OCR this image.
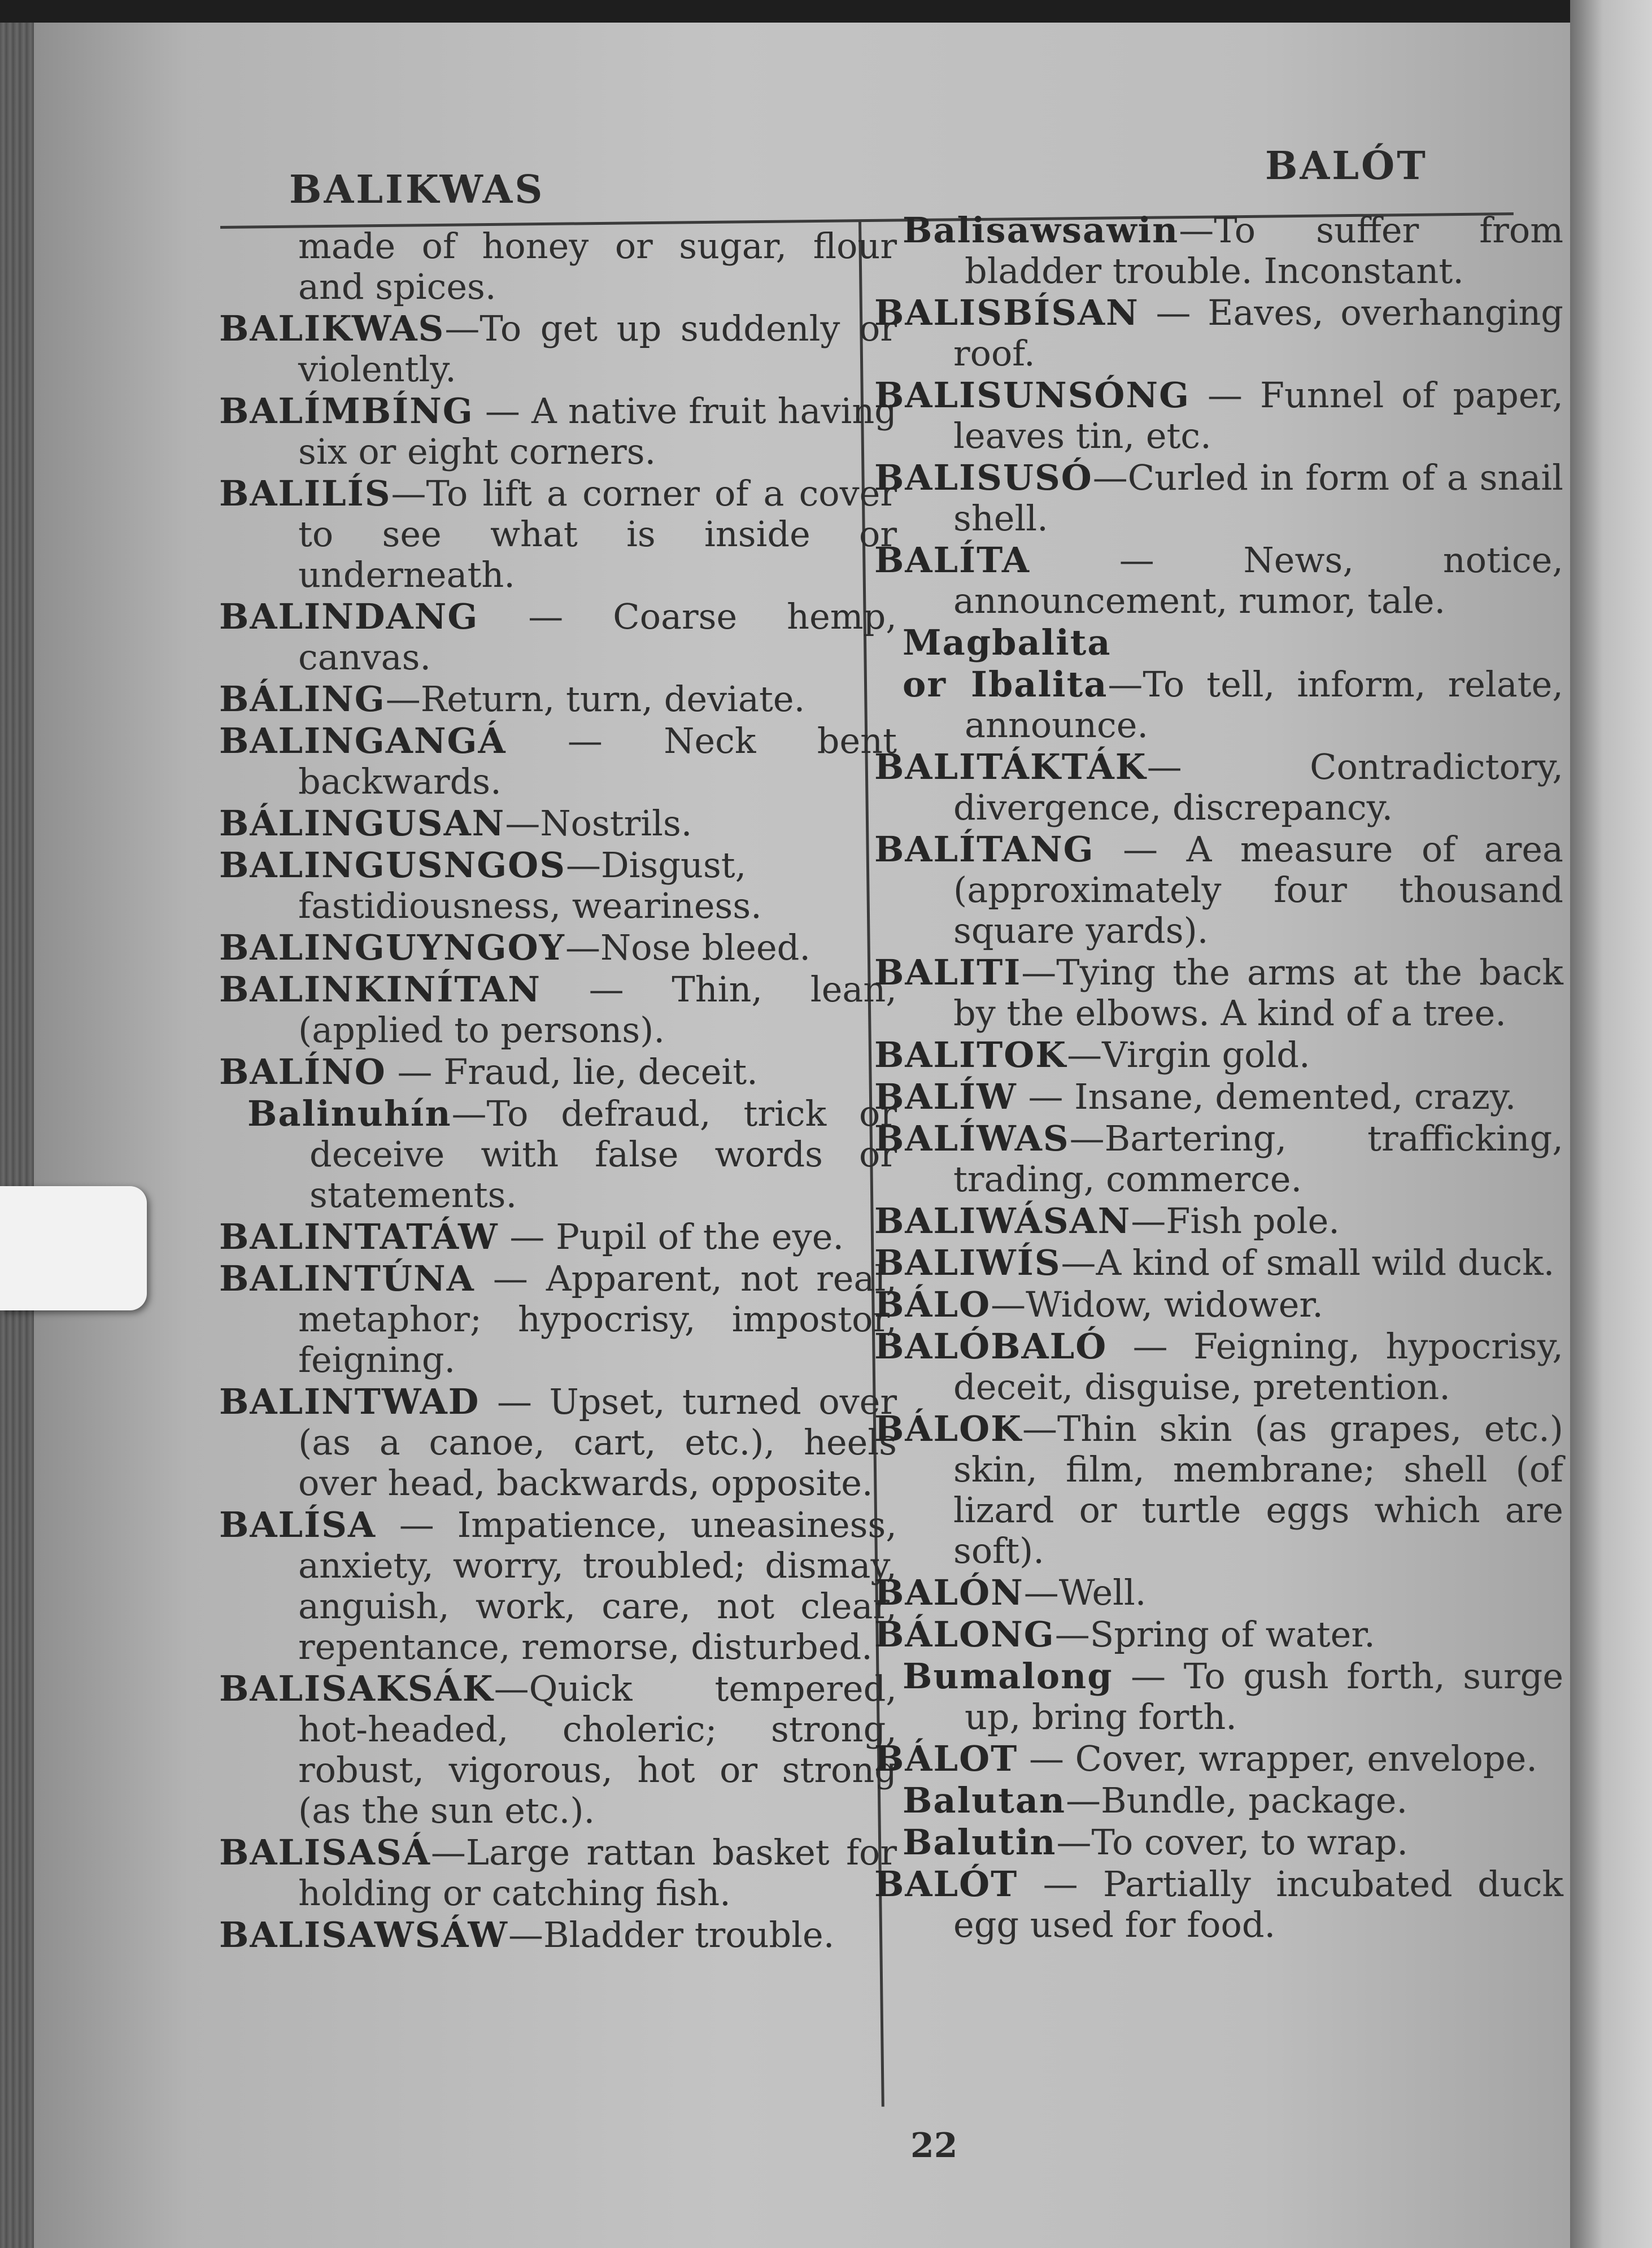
BALIKWAS
BALÓT

made of honey or sugar, flour and spices.

BALIKWAS—To get up suddenly or violently.

BALÍMBÍNG — A native fruit having six or eight corners.

BALILÍS—To lift a corner of a cover to see what is inside or underneath.

BALINDANG — Coarse hemp, canvas.

BÁLING—Return, turn, deviate.

BALINGANGÁ — Neck bent backwards.

BÁLINGUSAN—Nostrils.

BALINGUSNGOS—Disgust, fastidiousness, weariness.

BALINGUYNGOY—Nose bleed.

BALINKINÍTAN — Thin, lean, (applied to persons).

BALÍNO — Fraud, lie, deceit.

Balinuhín—To defraud, trick or deceive with false words or statements.

BALINTATÁW — Pupil of the eye.

BALINTÚNA — Apparent, not real, metaphor; hypocrisy, impostor, feigning.

BALINTWAD — Upset, turned over (as a canoe, cart, etc.), heels over head, backwards, opposite.

BALÍSA — Impatience, uneasiness, anxiety, worry, troubled; dismay, anguish, work, care, not clear, repentance, remorse, disturbed.

BALISAKSÁK—Quick tempered, hot-headed, choleric; strong, robust, vigorous, hot or strong (as the sun etc.).

BALISASÁ—Large rattan basket for holding or catching fish.

BALISAWSÁW—Bladder trouble.

Balisawsawin—To suffer from bladder trouble. Inconstant.

BALISBÍSAN — Eaves, overhanging roof.

BALISUNSÓNG — Funnel of paper, leaves tin, etc.

BALISUSÓ—Curled in form of a snail shell.

BALÍTA — News, notice, announcement, rumor, tale.

Magbalita

or Ibalita—To tell, inform, relate, announce.

BALITÁKTÁK— Contradictory, divergence, discrepancy.

BALÍTANG — A measure of area (approximately four thousand square yards).

BALITI—Tying the arms at the back by the elbows. A kind of a tree.

BALITOK—Virgin gold.

BALÍW — Insane, demented, crazy.

BALÍWAS—Bartering, trafficking, trading, commerce.

BALIWÁSAN—Fish pole.

BALIWÍS—A kind of small wild duck.

BÁLO—Widow, widower.

BALÓBALÓ — Feigning, hypocrisy, deceit, disguise, pretention.

BÁLOK—Thin skin (as grapes, etc.) skin, film, membrane; shell (of lizard or turtle eggs which are soft).

BALÓN—Well.

BÁLONG—Spring of water.

Bumalong — To gush forth, surge up, bring forth.

BÁLOT — Cover, wrapper, envelope.

Balutan—Bundle, package.

Balutin—To cover, to wrap.

BALÓT — Partially incubated duck egg used for food.

22
